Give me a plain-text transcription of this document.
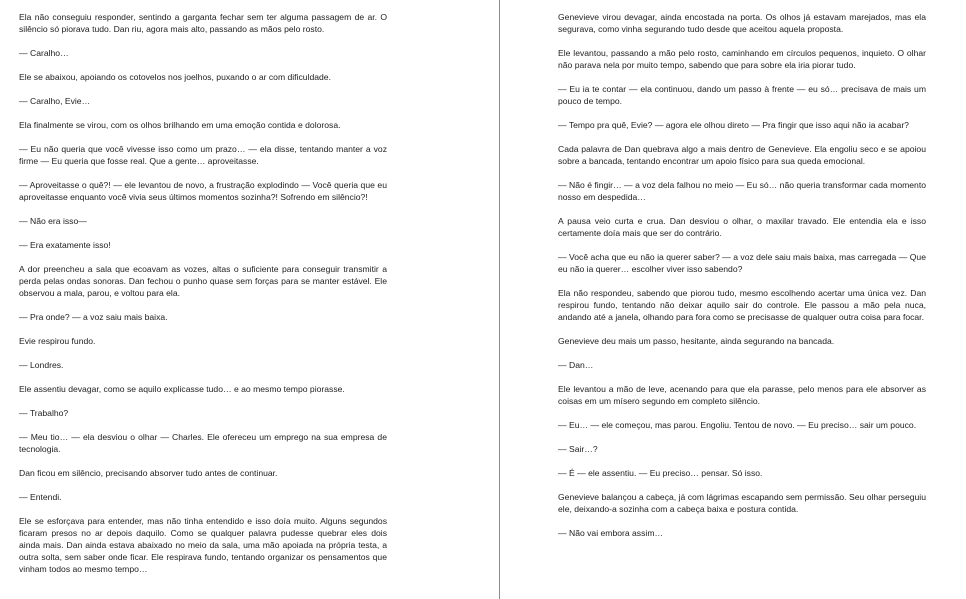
Ela não conseguiu responder, sentindo a garganta fechar sem ter alguma passagem de ar. O silêncio só piorava tudo. Dan riu, agora mais alto, passando as mãos pelo rosto.

— Caralho…

Ele se abaixou, apoiando os cotovelos nos joelhos, puxando o ar com dificuldade.

— Caralho, Evie…

Ela finalmente se virou, com os olhos brilhando em uma emoção contida e dolorosa.

— Eu não queria que você vivesse isso como um prazo… — ela disse, tentando manter a voz firme — Eu queria que fosse real. Que a gente… aproveitasse.

— Aproveitasse o quê?! — ele levantou de novo, a frustração explodindo — Você queria que eu aproveitasse enquanto você vivia seus últimos momentos sozinha?! Sofrendo em silêncio?!

— Não era isso—

— Era exatamente isso!

A dor preencheu a sala que ecoavam as vozes, altas o suficiente para conseguir transmitir a perda pelas ondas sonoras. Dan fechou o punho quase sem forças para se manter estável. Ele observou a mala, parou, e voltou para ela.

— Pra onde? — a voz saiu mais baixa.

Evie respirou fundo.

— Londres.

Ele assentiu devagar, como se aquilo explicasse tudo… e ao mesmo tempo piorasse.

— Trabalho?

— Meu tio… — ela desviou o olhar — Charles. Ele ofereceu um emprego na sua empresa de tecnologia.

Dan ficou em silêncio, precisando absorver tudo antes de continuar.

— Entendi.

Ele se esforçava para entender, mas não tinha entendido e isso doía muito. Alguns segundos ficaram presos no ar depois daquilo. Como se qualquer palavra pudesse quebrar eles dois ainda mais. Dan ainda estava abaixado no meio da sala, uma mão apoiada na própria testa, a outra solta, sem saber onde ficar. Ele respirava fundo, tentando organizar os pensamentos que vinham todos ao mesmo tempo…

Genevieve virou devagar, ainda encostada na porta. Os olhos já estavam marejados, mas ela segurava, como vinha segurando tudo desde que aceitou aquela proposta.

Ele levantou, passando a mão pelo rosto, caminhando em círculos pequenos, inquieto. O olhar não parava nela por muito tempo, sabendo que para sobre ela iria piorar tudo.

— Eu ia te contar — ela continuou, dando um passo à frente — eu só… precisava de mais um pouco de tempo.

— Tempo pra quê, Evie? — agora ele olhou direto — Pra fingir que isso aqui não ia acabar?

Cada palavra de Dan quebrava algo a mais dentro de Genevieve. Ela engoliu seco e se apoiou sobre a bancada, tentando encontrar um apoio físico para sua queda emocional.

— Não é fingir… — a voz dela falhou no meio — Eu só… não queria transformar cada momento nosso em despedida…

A pausa veio curta e crua. Dan desviou o olhar, o maxilar travado. Ele entendia ela e isso certamente doía mais que ser do contrário.

— Você acha que eu não ia querer saber? — a voz dele saiu mais baixa, mas carregada — Que eu não ia querer… escolher viver isso sabendo?

Ela não respondeu, sabendo que piorou tudo, mesmo escolhendo acertar uma única vez. Dan respirou fundo, tentando não deixar aquilo sair do controle. Ele passou a mão pela nuca, andando até a janela, olhando para fora como se precisasse de qualquer outra coisa para focar.

Genevieve deu mais um passo, hesitante, ainda segurando na bancada.

— Dan…

Ele levantou a mão de leve, acenando para que ela parasse, pelo menos para ele absorver as coisas em um mísero segundo em completo silêncio.

— Eu… — ele começou, mas parou. Engoliu. Tentou de novo. — Eu preciso… sair um pouco.

— Sair…?

— É — ele assentiu. — Eu preciso… pensar. Só isso.

Genevieve balançou a cabeça, já com lágrimas escapando sem permissão. Seu olhar perseguiu ele, deixando-a sozinha com a cabeça baixa e postura contida.

— Não vai embora assim…
